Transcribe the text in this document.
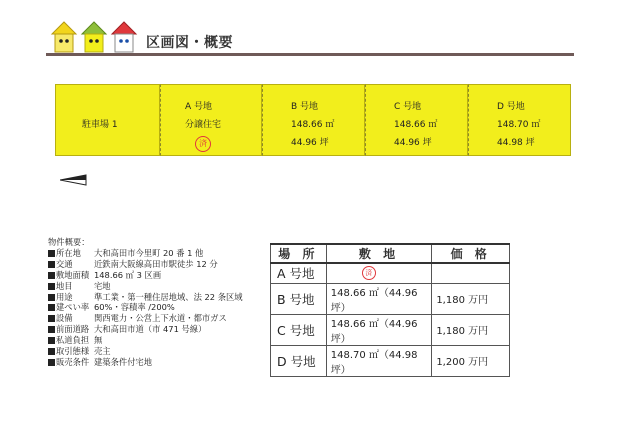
区画図・概要
駐車場 1
A 号地
分譲住宅
済
B 号地
148.66 ㎡
44.96 坪
C 号地
148.66 ㎡
44.96 坪
D 号地
148.70 ㎡
44.98 坪
物件概要：
所在地 大和高田市今里町 20 番 1 他
交通	近鉄南大阪線高田市駅徒歩 12 分
敷地面積 148.66 ㎡ 3 区画
地目	宅地
用途	準工業・第一種住居地域、法 22 条区域
建ぺい率 60%・容積率 /200%
設備	関西電力・公営上下水道・都市ガス
前面道路 大和高田市道（市 471 号線）
私道負担 無
取引態様 売主
販売条件 建築条件付宅地
場 所	敷 地	価 格
A 号地	済	
B 号地	148.66 ㎡（44.96 坪）	1,180 万円
C 号地	148.66 ㎡（44.96 坪）	1,180 万円
D 号地	148.70 ㎡（44.98 坪）	1,200 万円
